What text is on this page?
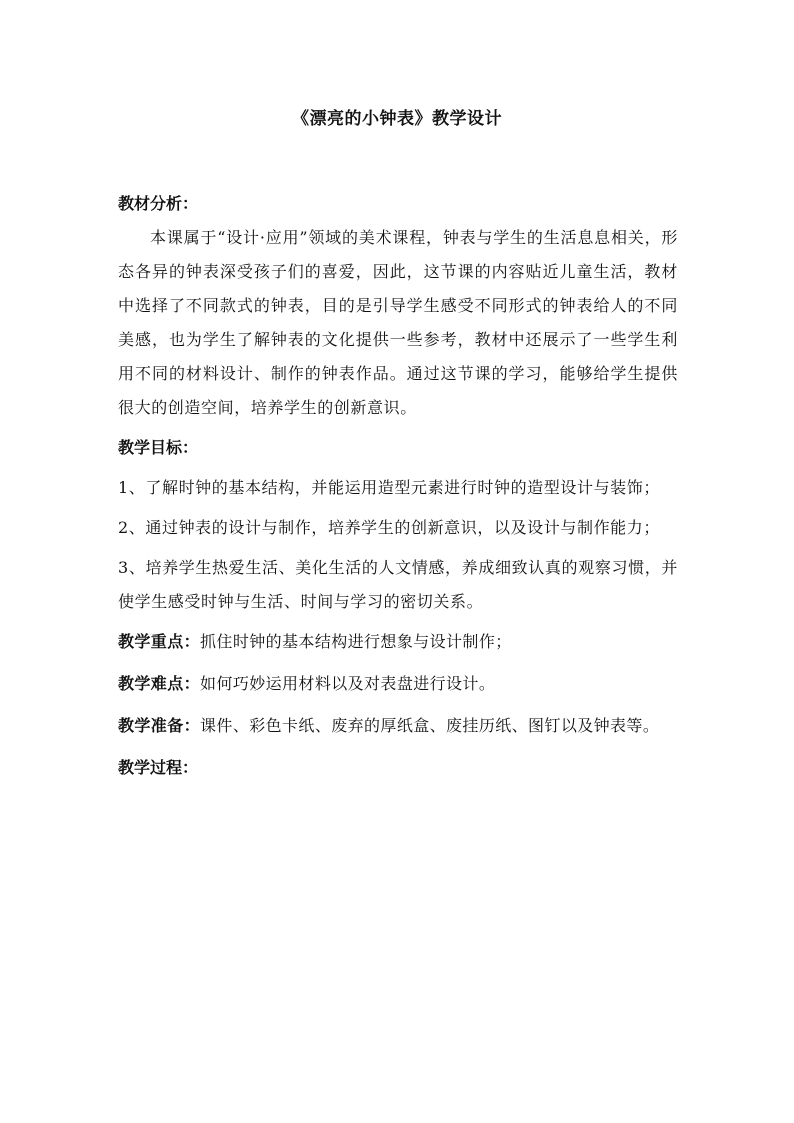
《漂亮的小钟表》教学设计

教材分析：

本课属于“设计·应用”领域的美术课程，钟表与学生的生活息息相关，形态各异的钟表深受孩子们的喜爱，因此，这节课的内容贴近儿童生活，教材中选择了不同款式的钟表，目的是引导学生感受不同形式的钟表给人的不同美感，也为学生了解钟表的文化提供一些参考，教材中还展示了一些学生利用不同的材料设计、制作的钟表作品。通过这节课的学习，能够给学生提供很大的创造空间，培养学生的创新意识。

教学目标：

1、了解时钟的基本结构，并能运用造型元素进行时钟的造型设计与装饰；

2、通过钟表的设计与制作，培养学生的创新意识，以及设计与制作能力；

3、培养学生热爱生活、美化生活的人文情感，养成细致认真的观察习惯，并使学生感受时钟与生活、时间与学习的密切关系。

教学重点：抓住时钟的基本结构进行想象与设计制作；

教学难点：如何巧妙运用材料以及对表盘进行设计。

教学准备：课件、彩色卡纸、废弃的厚纸盒、废挂历纸、图钉以及钟表等。

教学过程：
